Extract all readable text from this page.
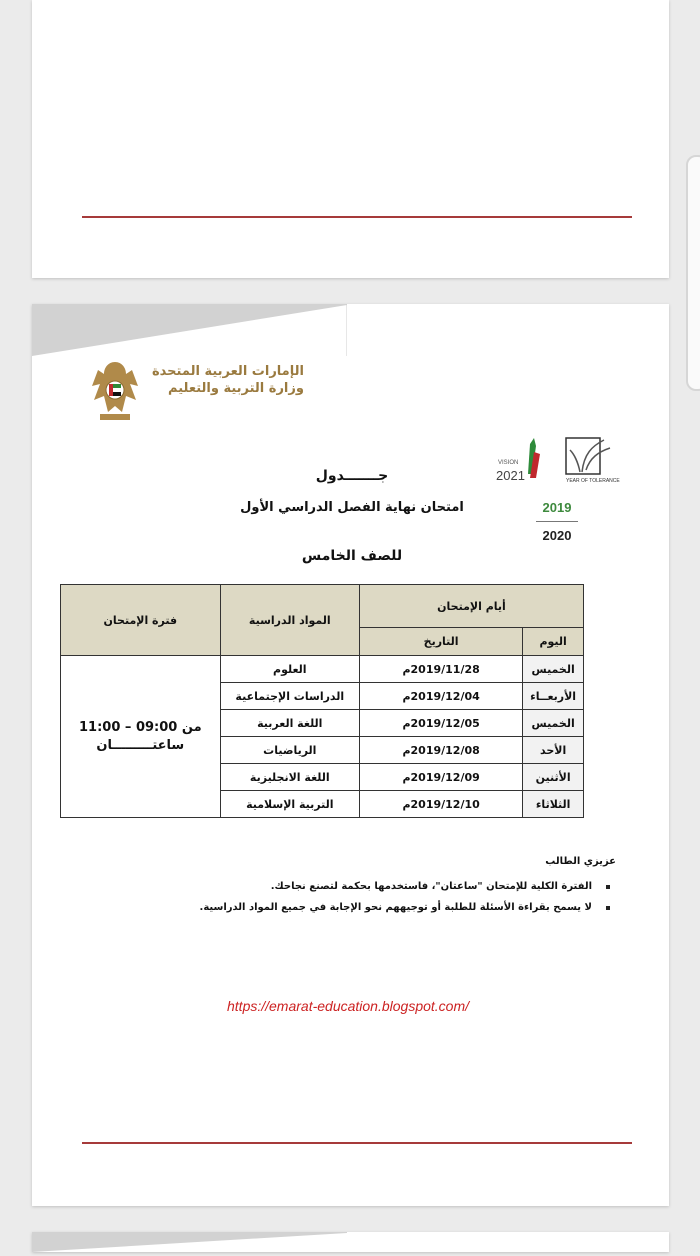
الإمارات العربية المتحدة
وزارة التربية والتعليم
VISION
2021	YEAR OF TOLERANCE
2019
2020
جـــــــدول
امتحان نهاية الفصل الدراسي الأول
للصف الخامس
أيام الإمتحان		المواد الدراسية	فترة الإمتحان
اليوم	التاريخ		
الخميس	2019/11/28م	العلوم	من 09:00 – 11:00
ساعتـــــــــان

الأربعــاء	2019/12/04م	الدراسات الإجتماعية	
الخميس	2019/12/05م	اللغة العربية	
الأحد	2019/12/08م	الرياضيات	
الأثنين	2019/12/09م	اللغة الانجليزية	
الثلاثاء	2019/12/10م	التربية الإسلامية	
عزيزي الطالب
الفترة الكلية للإمتحان "ساعتان"، فاستخدمها بحكمة لتصنع نجاحك.
لا يسمح بقراءة الأسئلة للطلبة أو توجيههم نحو الإجابة في جميع المواد الدراسية.
https://emarat-education.blogspot.com/
